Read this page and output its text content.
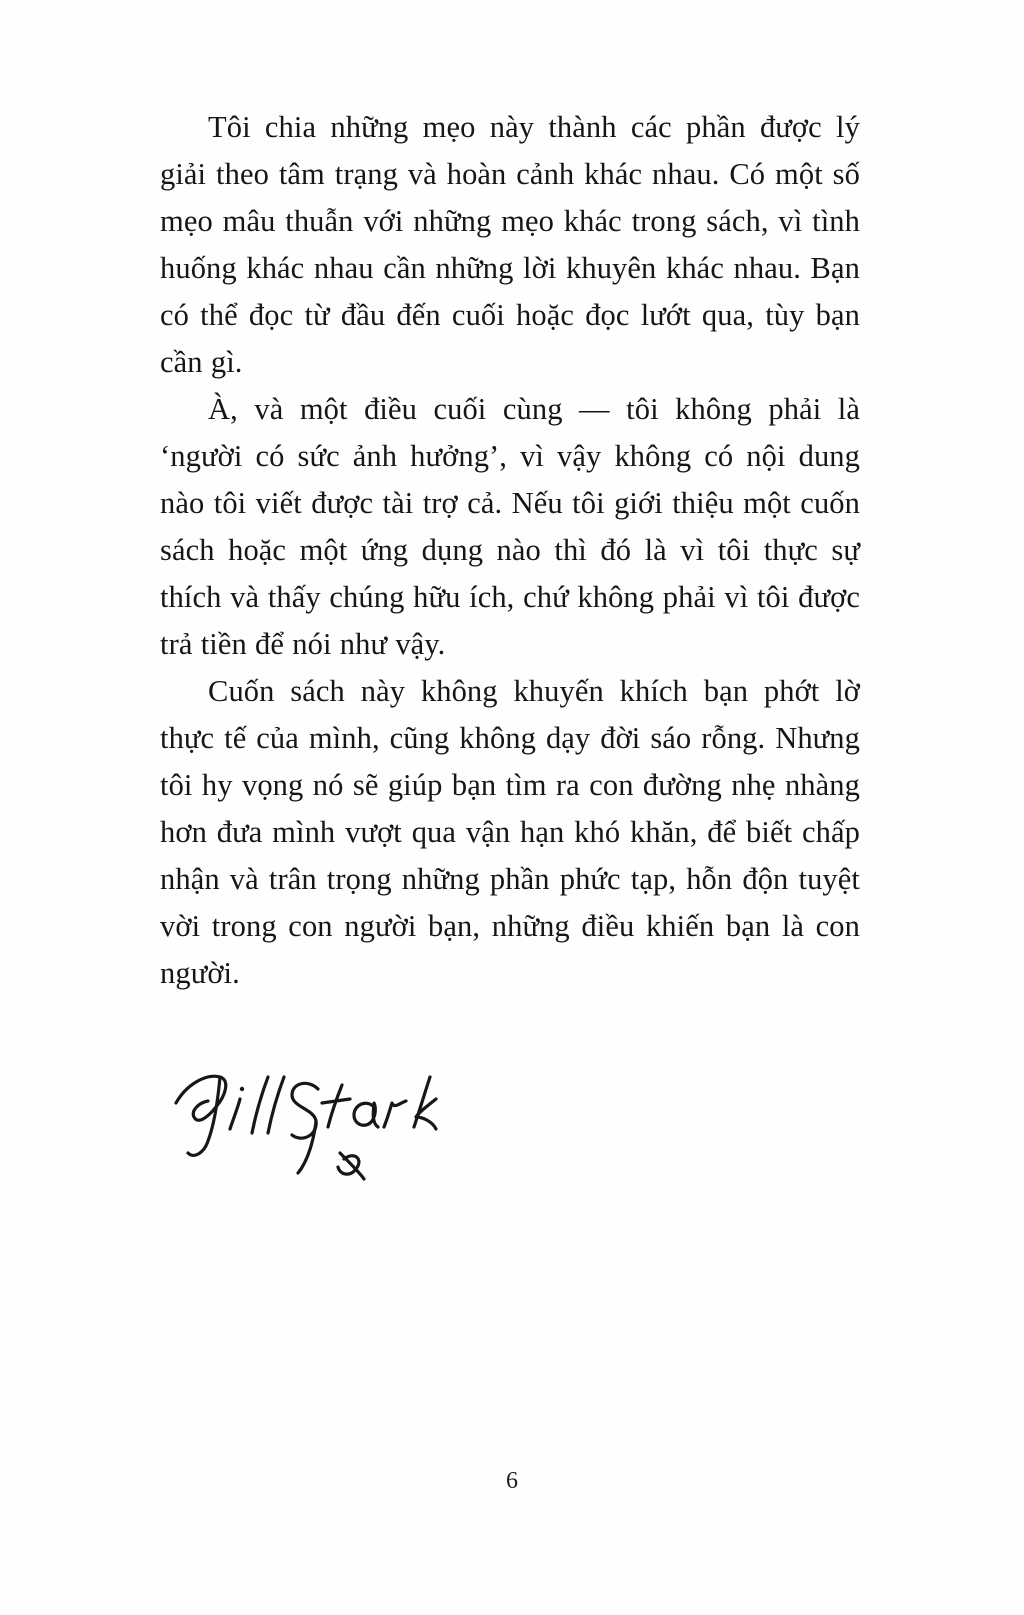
Tôi chia những mẹo này thành các phần được lý giải theo tâm trạng và hoàn cảnh khác nhau. Có một số mẹo mâu thuẫn với những mẹo khác trong sách, vì tình huống khác nhau cần những lời khuyên khác nhau. Bạn có thể đọc từ đầu đến cuối hoặc đọc lướt qua, tùy bạn cần gì.

À, và một điều cuối cùng — tôi không phải là ‘người có sức ảnh hưởng’, vì vậy không có nội dung nào tôi viết được tài trợ cả. Nếu tôi giới thiệu một cuốn sách hoặc một ứng dụng nào thì đó là vì tôi thực sự thích và thấy chúng hữu ích, chứ không phải vì tôi được trả tiền để nói như vậy.

Cuốn sách này không khuyến khích bạn phớt lờ thực tế của mình, cũng không dạy đời sáo rỗng. Nhưng tôi hy vọng nó sẽ giúp bạn tìm ra con đường nhẹ nhàng hơn đưa mình vượt qua vận hạn khó khăn, để biết chấp nhận và trân trọng những phần phức tạp, hỗn độn tuyệt vời trong con người bạn, những điều khiến bạn là con người.

6
